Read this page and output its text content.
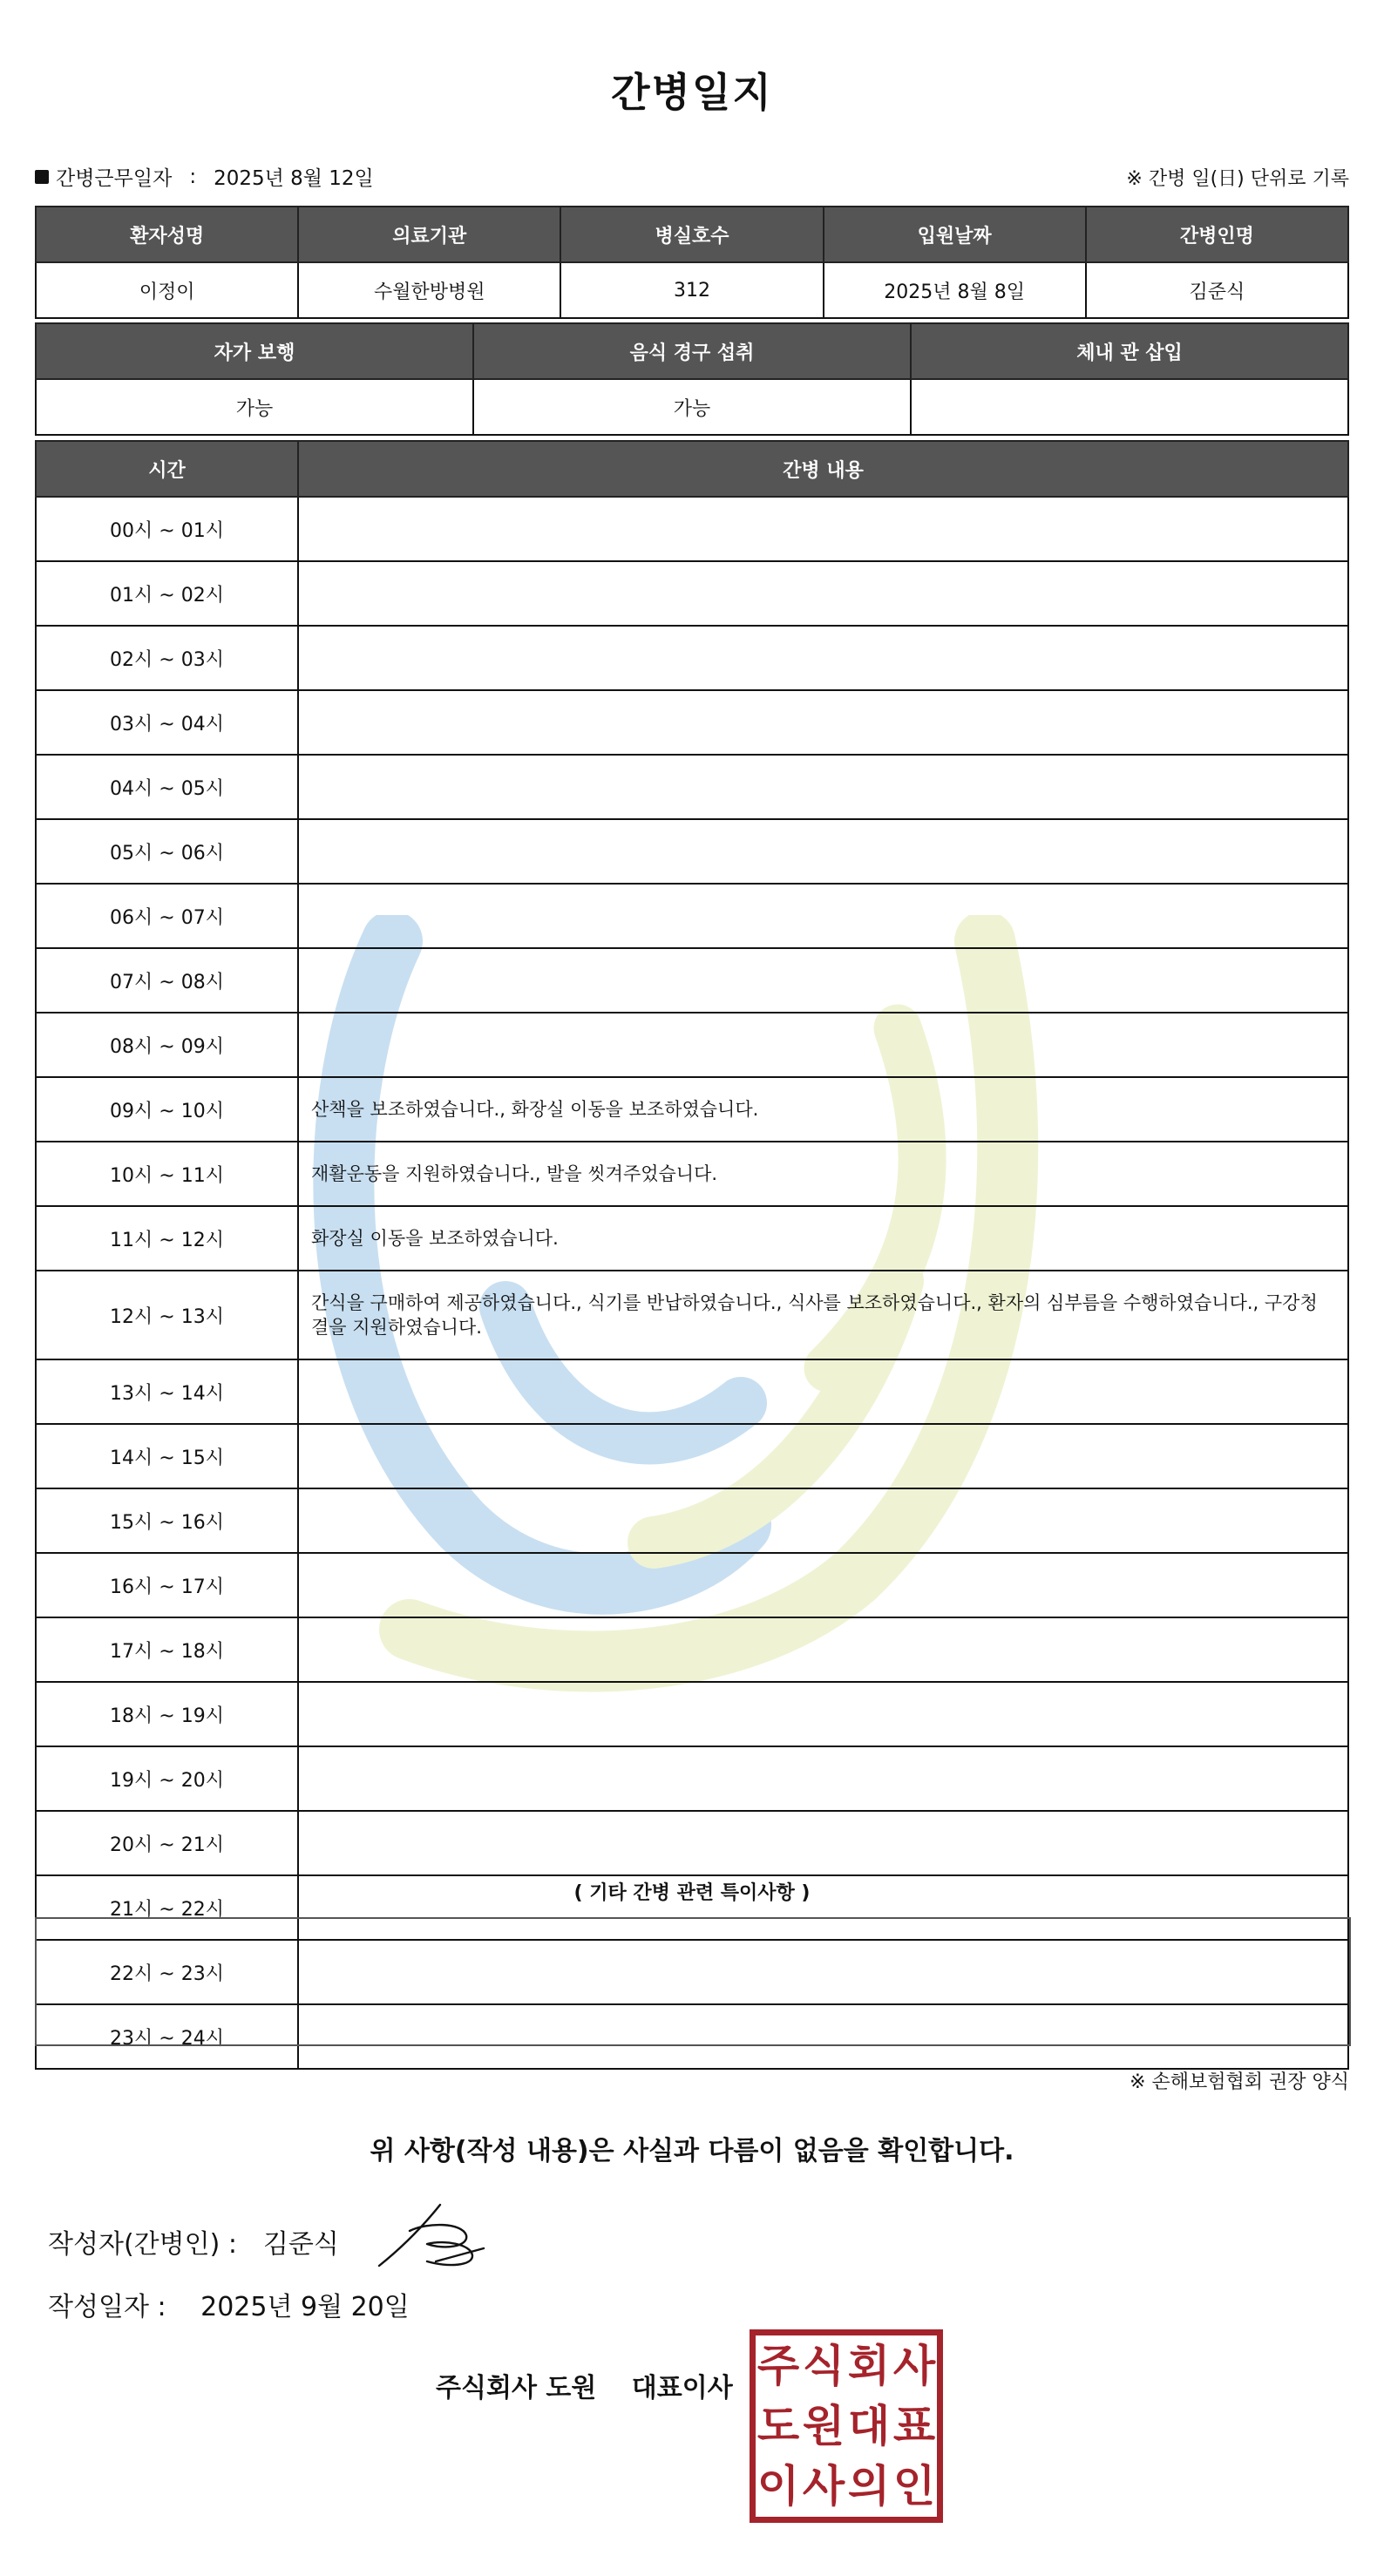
간병일지
간병근무일자 : 2025년 8월 12일	※ 간병 일(日) 단위로 기록
환자성명	의료기관	병실호수	입원날짜	간병인명
이정이	수월한방병원	312	2025년 8월 8일	김준식
자가 보행	음식 경구 섭취	체내 관 삽입
가능	가능	
시간	간병 내용
00시 ~ 01시	
01시 ~ 02시	
02시 ~ 03시	
03시 ~ 04시	
04시 ~ 05시	
05시 ~ 06시	
06시 ~ 07시	
07시 ~ 08시	
08시 ~ 09시	
09시 ~ 10시	산책을 보조하였습니다., 화장실 이동을 보조하였습니다.
10시 ~ 11시	재활운동을 지원하였습니다., 발을 씻겨주었습니다.
11시 ~ 12시	화장실 이동을 보조하였습니다.
12시 ~ 13시	간식을 구매하여 제공하였습니다., 식기를 반납하였습니다., 식사를 보조하였습니다., 환자의 심부름을 수행하였습니다., 구강청결을 지원하였습니다.
13시 ~ 14시	
14시 ~ 15시	
15시 ~ 16시	
16시 ~ 17시	
17시 ~ 18시	
18시 ~ 19시	
19시 ~ 20시	
20시 ~ 21시	
21시 ~ 22시	
22시 ~ 23시	
23시 ~ 24시	
( 기타 간병 관련 특이사항 )
※ 손해보험협회 권장 양식
위 사항(작성 내용)은 사실과 다름이 없음을 확인합니다.
작성자(간병인) : 김준식
작성일자 : 2025년 9월 20일
주식회사 도원 대표이사 주 식 회 사
도 원 대 표
이 사 의 인
